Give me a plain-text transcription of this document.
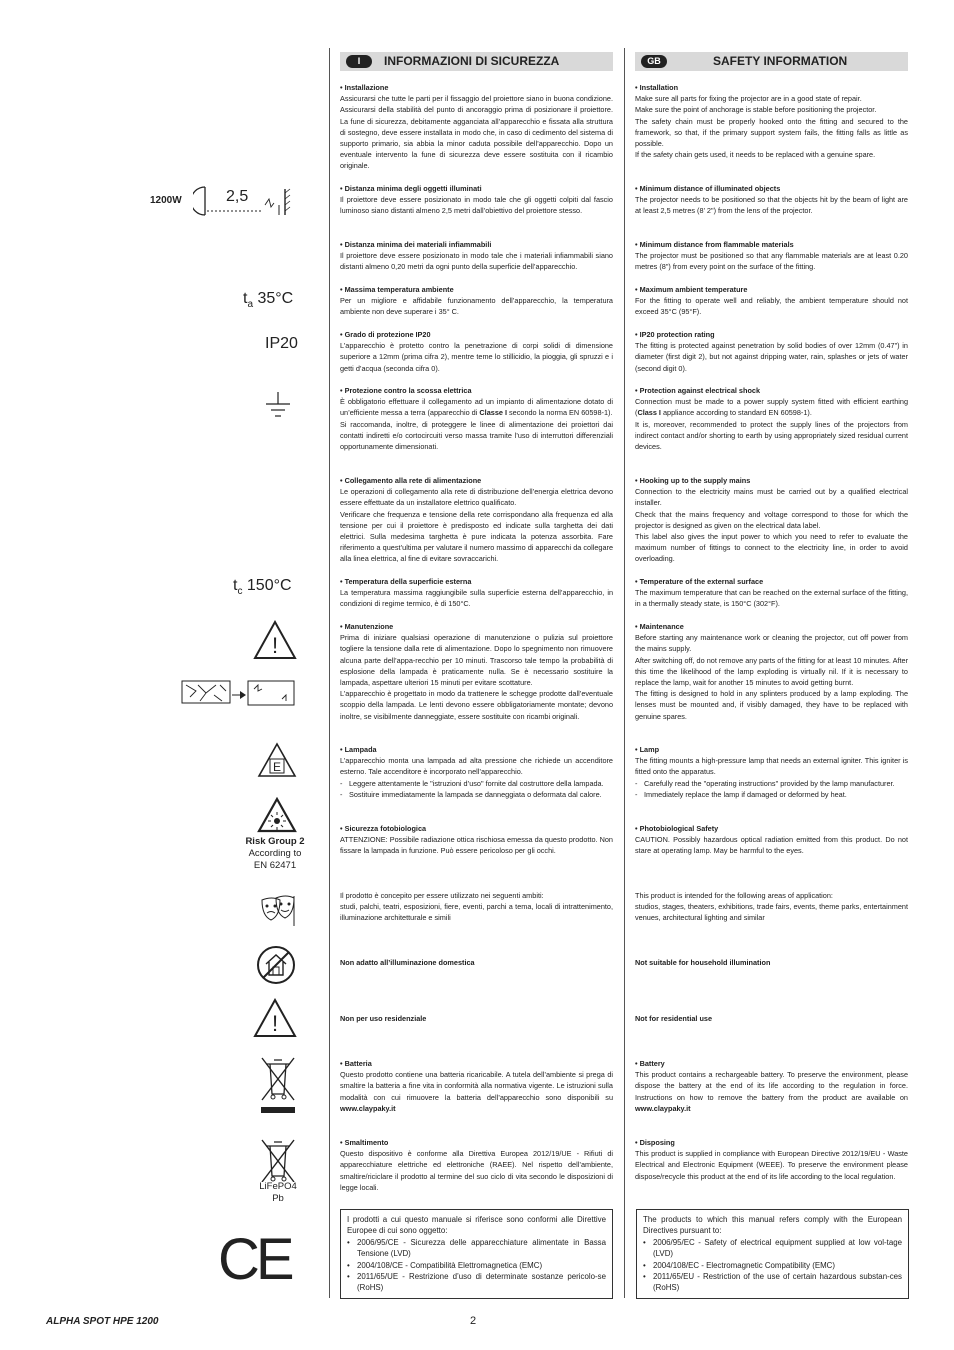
I	INFORMAZIONI DI SICUREZZA	GB	SAFETY INFORMATION
1200W	2,5
$t_a$ 35°C
IP20
$t_c$ 150°C
!
E
Risk Group 2
According to
EN 62471
!
LiFePO4
Pb
CE
• Installazione

Assicurarsi che tutte le parti per il fissaggio del proiettore siano in buona condizione. Assicurarsi della stabilità del punto di ancoraggio prima di posizionare il proiettore. La fune di sicurezza, debitamente agganciata all’apparecchio e fissata alla struttura di sostegno, deve essere installata in modo che, in caso di cedimento del sistema di supporto primario, sia abbia la minor caduta possibile dell’apparecchio. Dopo un eventuale intervento la fune di sicurezza deve essere sostituita con il ricambio originale.

• Distanza minima degli oggetti illuminati

Il proiettore deve essere posizionato in modo tale che gli oggetti colpiti dal fascio luminoso siano distanti almeno 2,5 metri dall’obiettivo del proiettore stesso.

• Distanza minima dei materiali infiammabili

Il proiettore deve essere posizionato in modo tale che i materiali infiammabili siano distanti almeno 0,20 metri da ogni punto della superficie dell’apparecchio.

• Massima temperatura ambiente

Per un migliore e affidabile funzionamento dell’apparecchio, la temperatura ambiente non deve superare i 35° C.

• Grado di protezione IP20

L’apparecchio è protetto contro la penetrazione di corpi solidi di dimensione superiore a 12mm (prima cifra 2), mentre teme lo stillicidio, la pioggia, gli spruzzi e i getti d’acqua (seconda cifra 0).

• Protezione contro la scossa elettrica

È obbligatorio effettuare il collegamento ad un impianto di alimentazione dotato di un’efficiente messa a terra (apparecchio di Classe I secondo la norma EN 60598-1).

Si raccomanda, inoltre, di proteggere le linee di alimentazione dei proiettori dai contatti indiretti e/o cortocircuiti verso massa tramite l’uso di interruttori differenziali opportunamente dimensionati.

• Collegamento alla rete di alimentazione

Le operazioni di collegamento alla rete di distribuzione dell’energia elettrica devono essere effettuate da un installatore elettrico qualificato.

Verificare che frequenza e tensione della rete corrispondano alla frequenza ed alla tensione per cui il proiettore è predisposto ed indicate sulla targhetta dei dati elettrici. Sulla medesima targhetta è pure indicata la potenza assorbita. Fare riferimento a quest’ultima per valutare il numero massimo di apparecchi da collegare alla linea elettrica, al fine di evitare sovraccarichi.

• Temperatura della superficie esterna

La temperatura massima raggiungibile sulla superficie esterna dell’apparecchio, in condizioni di regime termico, è di 150°C.

• Manutenzione

Prima di iniziare qualsiasi operazione di manutenzione o pulizia sul proiettore togliere la tensione dalla rete di alimentazione. Dopo lo spegnimento non rimuovere alcuna parte dell’appa-recchio per 10 minuti. Trascorso tale tempo la probabilità di esplosione della lampada è praticamente nulla. Se è necessario sostituire la lampada, aspettare ulteriori 15 minuti per evitare scottature.

L’apparecchio è progettato in modo da trattenere le schegge prodotte dall’eventuale scoppio della lampada. Le lenti devono essere obbligatoriamente montate; devono inoltre, se visibilmente danneggiate, essere sostituite con ricambi originali.

• Lampada

L’apparecchio monta una lampada ad alta pressione che richiede un accenditore esterno. Tale accenditore è incorporato nell’apparecchio.

- Leggere attentamente le "istruzioni d’uso" fornite dal costruttore della lampada.
- Sostituire immediatamente la lampada se danneggiata o deformata dal calore.
• Sicurezza fotobiologica

ATTENZIONE: Possibile radiazione ottica rischiosa emessa da questo prodotto. Non fissare la lampada in funzione. Può essere pericoloso per gli occhi.

Il prodotto è concepito per essere utilizzato nei seguenti ambiti:

studi, palchi, teatri, esposizioni, fiere, eventi, parchi a tema, locali di intrattenimento, illuminazione architetturale e simili

Non adatto all’illuminazione domestica
Non per uso residenziale
• Batteria

Questo prodotto contiene una batteria ricaricabile. A tutela dell’ambiente si prega di smaltire la batteria a fine vita in conformità alla normativa vigente. Le istruzioni sulla modalità con cui rimuovere la batteria dell’apparecchio sono disponibili su www.claypaky.it

• Smaltimento

Questo dispositivo è conforme alla Direttiva Europea 2012/19/UE - Rifiuti di apparecchiature elettriche ed elettroniche (RAEE). Nel rispetto dell’ambiente, smaltire/riciclare il prodotto al termine del suo ciclo di vita secondo le disposizioni di legge locali.

I prodotti a cui questo manuale si riferisce sono conformi alle Direttive Europee di cui sono oggetto:
• 2006/95/CE - Sicurezza delle apparecchiature alimentate in Bassa Tensione (LVD)
• 2004/108/CE - Compatibilità Elettromagnetica (EMC)
• 2011/65/UE - Restrizione d’uso di determinate sostanze pericolo-se (RoHS)
• Installation

Make sure all parts for fixing the projector are in a good state of repair.

Make sure the point of anchorage is stable before positioning the projector.

The safety chain must be properly hooked onto the fitting and secured to the framework, so that, if the primary support system fails, the fitting falls as little as possible.

If the safety chain gets used, it needs to be replaced with a genuine spare.

• Minimum distance of illuminated objects

The projector needs to be positioned so that the objects hit by the beam of light are at least 2,5 metres (8’ 2") from the lens of the projector.

• Minimum distance from flammable materials

The projector must be positioned so that any flammable materials are at least 0.20 metres (8") from every point on the surface of the fitting.

• Maximum ambient temperature

For the fitting to operate well and reliably, the ambient temperature should not exceed 35°C (95°F).

• IP20 protection rating

The fitting is protected against penetration by solid bodies of over 12mm (0.47") in diameter (first digit 2), but not against dripping water, rain, splashes or jets of water (second digit 0).

• Protection against electrical shock

Connection must be made to a power supply system fitted with efficient earthing (Class I appliance according to standard EN 60598-1).

It is, moreover, recommended to protect the supply lines of the projectors from indirect contact and/or shorting to earth by using appropriately sized residual current devices.

• Hooking up to the supply mains

Connection to the electricity mains must be carried out by a qualified electrical installer.

Check that the mains frequency and voltage correspond to those for which the projector is designed as given on the electrical data label.

This label also gives the input power to which you need to refer to evaluate the maximum number of fittings to connect to the electricity line, in order to avoid overloading.

• Temperature of the external surface

The maximum temperature that can be reached on the external surface of the fitting, in a thermally steady state, is 150°C (302°F).

• Maintenance

Before starting any maintenance work or cleaning the projector, cut off power from the mains supply.

After switching off, do not remove any parts of the fitting for at least 10 minutes. After this time the likelihood of the lamp exploding is virtually nil. If it is necessary to replace the lamp, wait for another 15 minutes to avoid getting burnt.

The fitting is designed to hold in any splinters produced by a lamp exploding. The lenses must be mounted and, if visibly damaged, they have to be replaced with genuine spares.

• Lamp

The fitting mounts a high-pressure lamp that needs an external igniter. This igniter is fitted onto the apparatus.

- Carefully read the "operating instructions" provided by the lamp manufacturer.
- Immediately replace the lamp if damaged or deformed by heat.
• Photobiological Safety

CAUTION. Possibly hazardous optical radiation emitted from this product. Do not stare at operating lamp. May be harmful to the eyes.

This product is intended for the following areas of application:

studios, stages, theaters, exhibitions, trade fairs, events, theme parks, entertainment venues, architectural lighting and similar

Not suitable for household illumination
Not for residential use
• Battery

This product contains a rechargeable battery. To preserve the environment, please dispose the battery at the end of its life according to the regulation in force. Instructions on how to remove the battery from the product are available on www.claypaky.it

• Disposing

This product is supplied in compliance with European Directive 2012/19/EU - Waste Electrical and Electronic Equipment (WEEE). To preserve the environment please dispose/recycle this product at the end of its life according to the local regulation.

The products to which this manual refers comply with the European Directives pursuant to:
• 2006/95/EC - Safety of electrical equipment supplied at low vol-tage (LVD)
• 2004/108/EC - Electromagnetic Compatibility (EMC)
• 2011/65/EU - Restriction of the use of certain hazardous substan-ces (RoHS)
ALPHA SPOT HPE 1200	2
